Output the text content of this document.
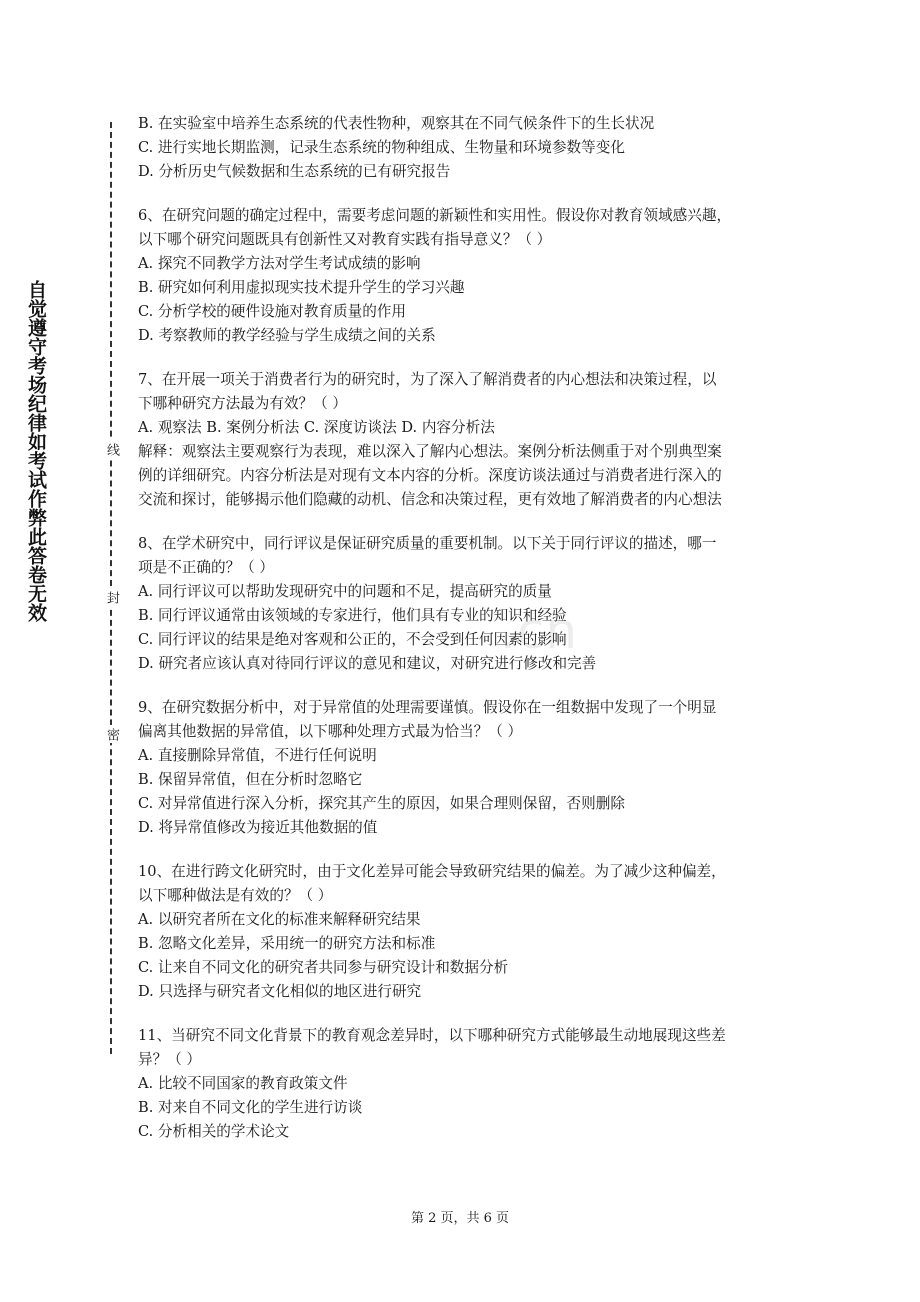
自觉遵守考场纪律如考试作弊此答卷无效	线
封
密
.cn
B. 在实验室中培养生态系统的代表性物种，观察其在不同气候条件下的生长状况
C. 进行实地长期监测，记录生态系统的物种组成、生物量和环境参数等变化
D. 分析历史气候数据和生态系统的已有研究报告
6、在研究问题的确定过程中，需要考虑问题的新颖性和实用性。假设你对教育领域感兴趣，
以下哪个研究问题既具有创新性又对教育实践有指导意义？（ ）
A. 探究不同教学方法对学生考试成绩的影响
B. 研究如何利用虚拟现实技术提升学生的学习兴趣
C. 分析学校的硬件设施对教育质量的作用
D. 考察教师的教学经验与学生成绩之间的关系
7、在开展一项关于消费者行为的研究时，为了深入了解消费者的内心想法和决策过程，以
下哪种研究方法最为有效？（ ）
A. 观察法 B. 案例分析法 C. 深度访谈法 D. 内容分析法
解释：观察法主要观察行为表现，难以深入了解内心想法。案例分析法侧重于对个别典型案
例的详细研究。内容分析法是对现有文本内容的分析。深度访谈法通过与消费者进行深入的
交流和探讨，能够揭示他们隐藏的动机、信念和决策过程，更有效地了解消费者的内心想法
8、在学术研究中，同行评议是保证研究质量的重要机制。以下关于同行评议的描述，哪一
项是不正确的？（ ）
A. 同行评议可以帮助发现研究中的问题和不足，提高研究的质量
B. 同行评议通常由该领域的专家进行，他们具有专业的知识和经验
C. 同行评议的结果是绝对客观和公正的，不会受到任何因素的影响
D. 研究者应该认真对待同行评议的意见和建议，对研究进行修改和完善
9、在研究数据分析中，对于异常值的处理需要谨慎。假设你在一组数据中发现了一个明显
偏离其他数据的异常值，以下哪种处理方式最为恰当？（ ）
A. 直接删除异常值，不进行任何说明
B. 保留异常值，但在分析时忽略它
C. 对异常值进行深入分析，探究其产生的原因，如果合理则保留，否则删除
D. 将异常值修改为接近其他数据的值
10、在进行跨文化研究时，由于文化差异可能会导致研究结果的偏差。为了减少这种偏差，
以下哪种做法是有效的？（ ）
A. 以研究者所在文化的标准来解释研究结果
B. 忽略文化差异，采用统一的研究方法和标准
C. 让来自不同文化的研究者共同参与研究设计和数据分析
D. 只选择与研究者文化相似的地区进行研究
11、当研究不同文化背景下的教育观念差异时，以下哪种研究方式能够最生动地展现这些差
异？（ ）
A. 比较不同国家的教育政策文件
B. 对来自不同文化的学生进行访谈
C. 分析相关的学术论文
第 2 页，共 6 页
